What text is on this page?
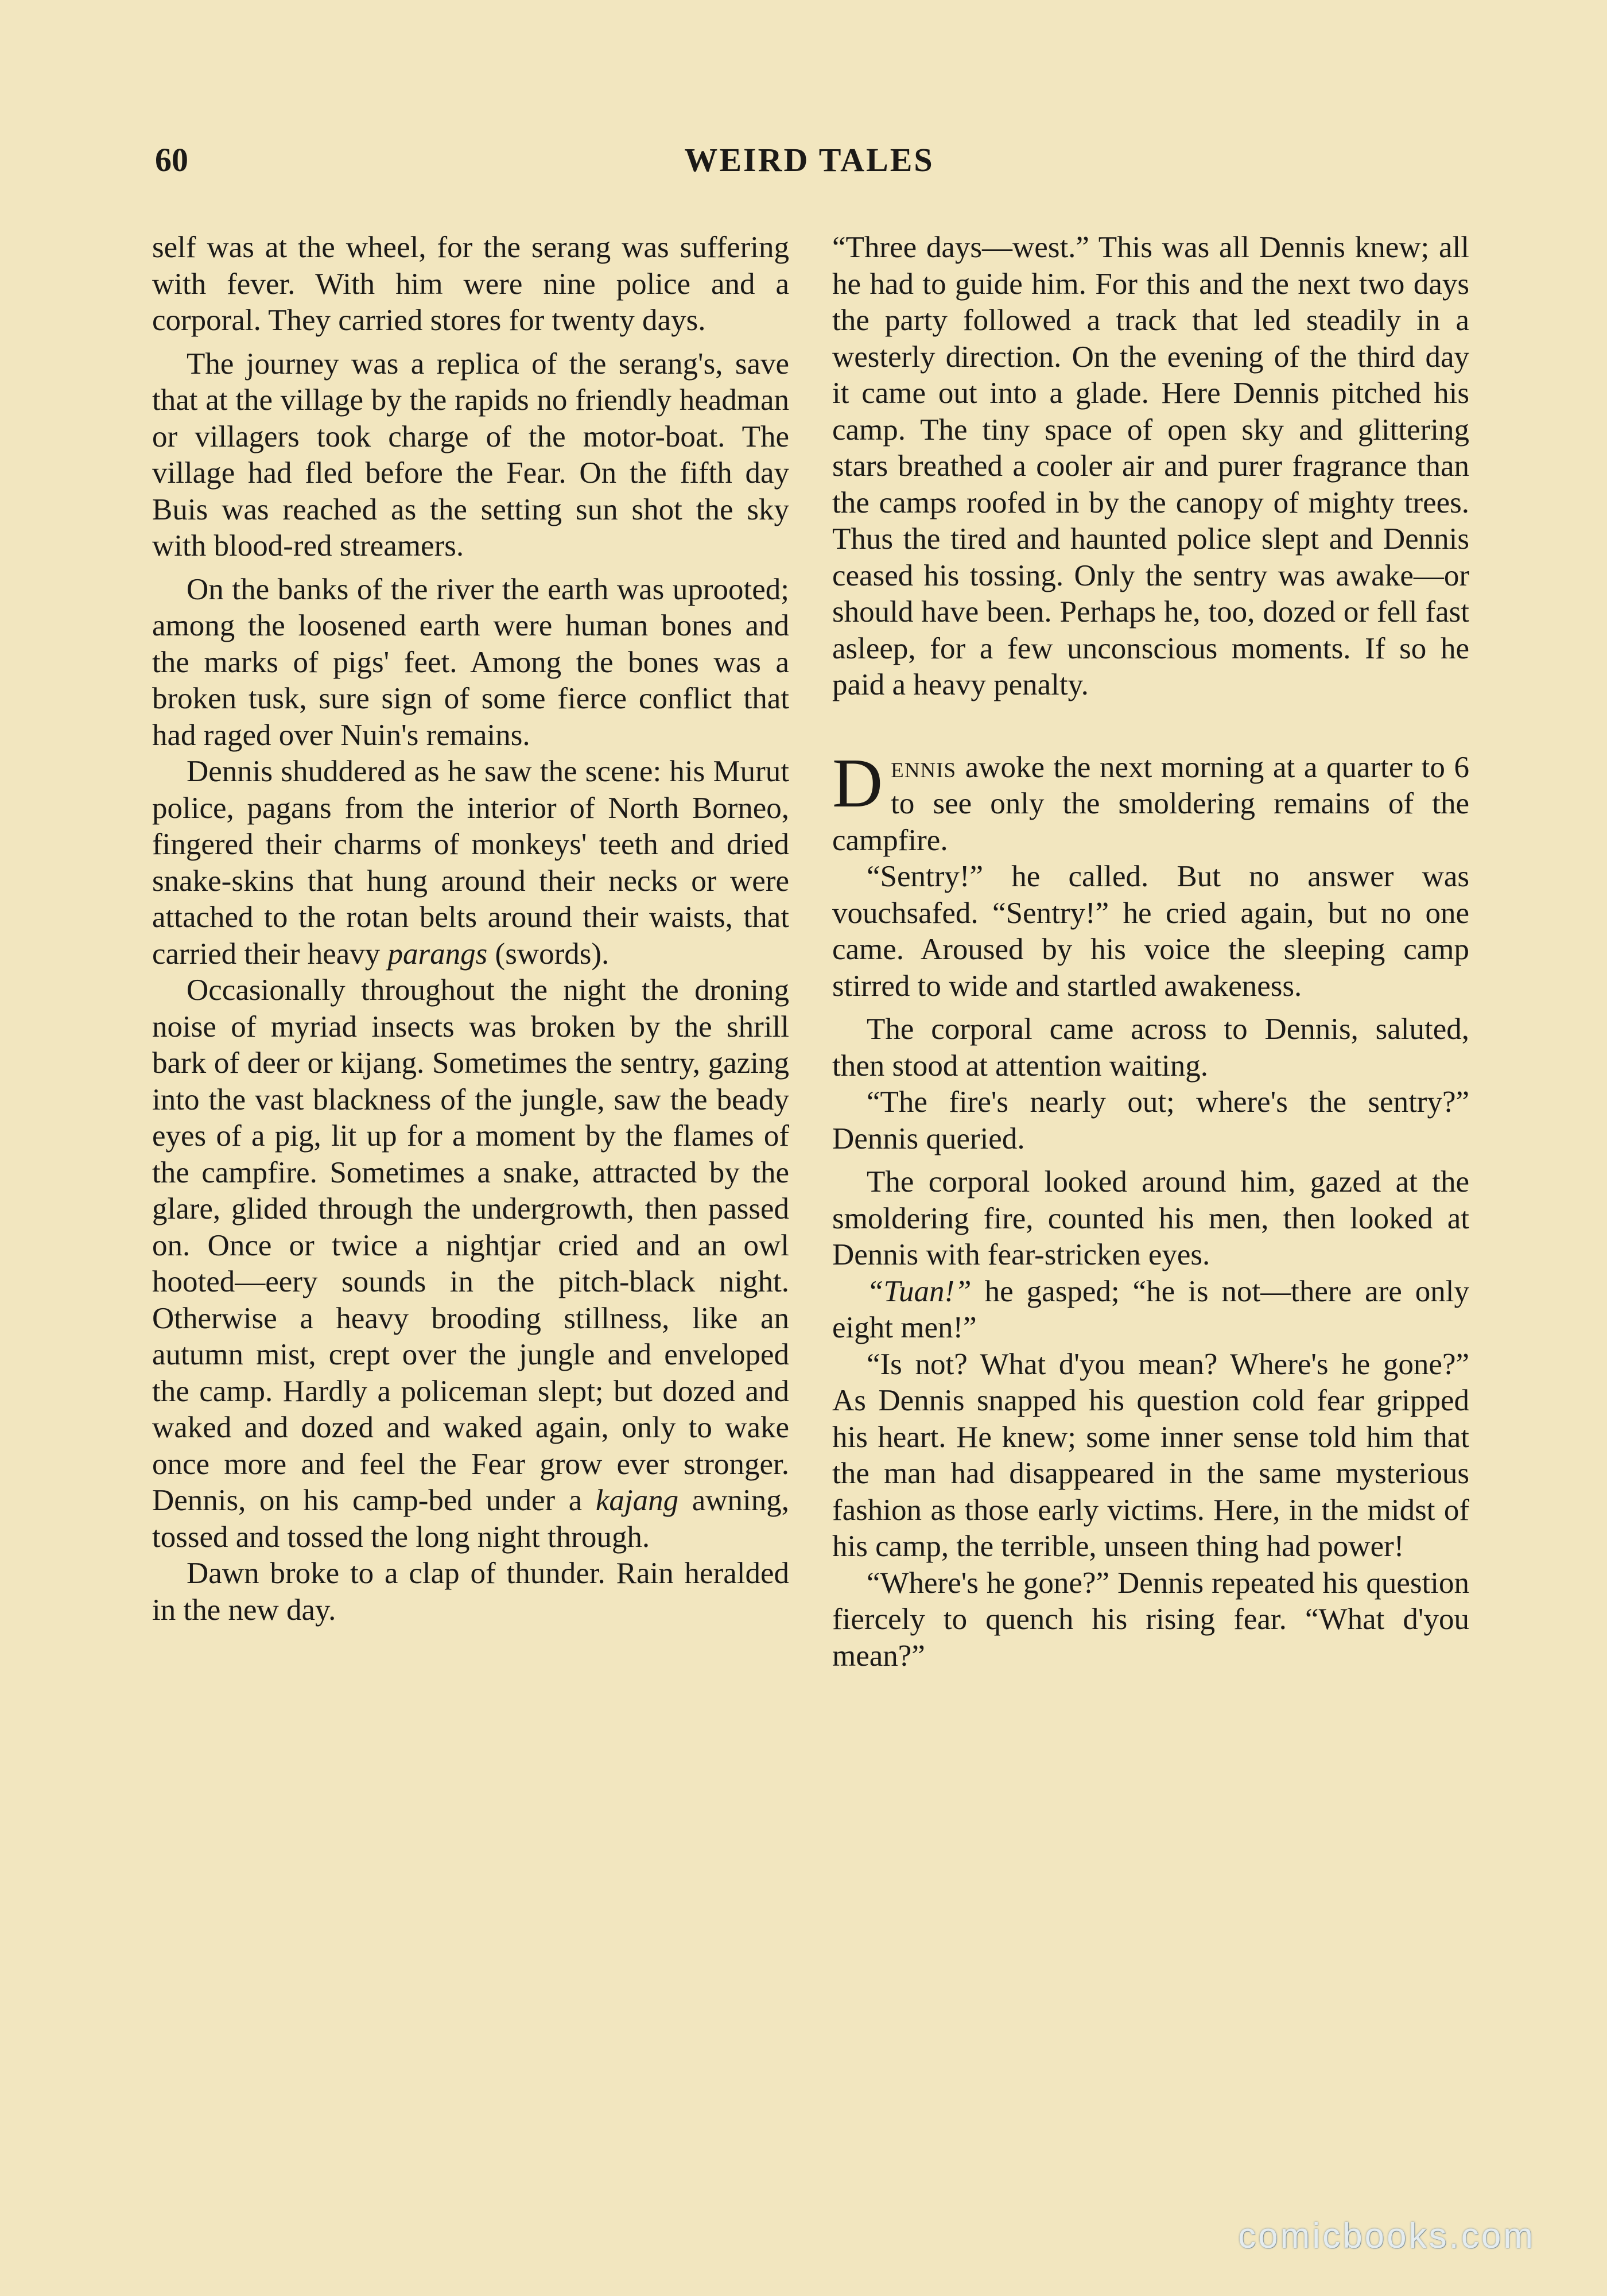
60	WEIRD TALES

self was at the wheel, for the serang was suffering with fever. With him were nine police and a corporal. They carried stores for twenty days.

The journey was a replica of the serang's, save that at the village by the rapids no friendly headman or villagers took charge of the motor-boat. The village had fled before the Fear. On the fifth day Buis was reached as the setting sun shot the sky with blood-red streamers.

On the banks of the river the earth was uprooted; among the loosened earth were human bones and the marks of pigs' feet. Among the bones was a broken tusk, sure sign of some fierce conflict that had raged over Nuin's remains.

Dennis shuddered as he saw the scene: his Murut police, pagans from the interior of North Borneo, fingered their charms of monkeys' teeth and dried snake-skins that hung around their necks or were attached to the rotan belts around their waists, that carried their heavy parangs (swords).

Occasionally throughout the night the droning noise of myriad insects was broken by the shrill bark of deer or kijang. Sometimes the sentry, gazing into the vast blackness of the jungle, saw the beady eyes of a pig, lit up for a moment by the flames of the campfire. Sometimes a snake, attracted by the glare, glided through the undergrowth, then passed on. Once or twice a nightjar cried and an owl hooted—eery sounds in the pitch-black night. Otherwise a heavy brooding stillness, like an autumn mist, crept over the jungle and enveloped the camp. Hardly a policeman slept; but dozed and waked and dozed and waked again, only to wake once more and feel the Fear grow ever stronger. Dennis, on his camp-bed under a kajang awning, tossed and tossed the long night through.

Dawn broke to a clap of thunder. Rain heralded in the new day.

“Three days—west.” This was all Dennis knew; all he had to guide him. For this and the next two days the party followed a track that led steadily in a westerly direction. On the evening of the third day it came out into a glade. Here Dennis pitched his camp. The tiny space of open sky and glittering stars breathed a cooler air and purer fragrance than the camps roofed in by the canopy of mighty trees. Thus the tired and haunted police slept and Dennis ceased his tossing. Only the sentry was awake—or should have been. Perhaps he, too, dozed or fell fast asleep, for a few unconscious moments. If so he paid a heavy penalty.

Dennis awoke the next morning at a quarter to 6 to see only the smoldering remains of the campfire.

“Sentry!” he called. But no answer was vouchsafed. “Sentry!” he cried again, but no one came. Aroused by his voice the sleeping camp stirred to wide and startled awakeness.

The corporal came across to Dennis, saluted, then stood at attention waiting.

“The fire's nearly out; where's the sentry?” Dennis queried.

The corporal looked around him, gazed at the smoldering fire, counted his men, then looked at Dennis with fear-stricken eyes.

“Tuan!” he gasped; “he is not—there are only eight men!”

“Is not? What d'you mean? Where's he gone?” As Dennis snapped his question cold fear gripped his heart. He knew; some inner sense told him that the man had disappeared in the same mysterious fashion as those early victims. Here, in the midst of his camp, the terrible, unseen thing had power!

“Where's he gone?” Dennis repeated his question fiercely to quench his rising fear. “What d'you mean?”

comicbooks.com
